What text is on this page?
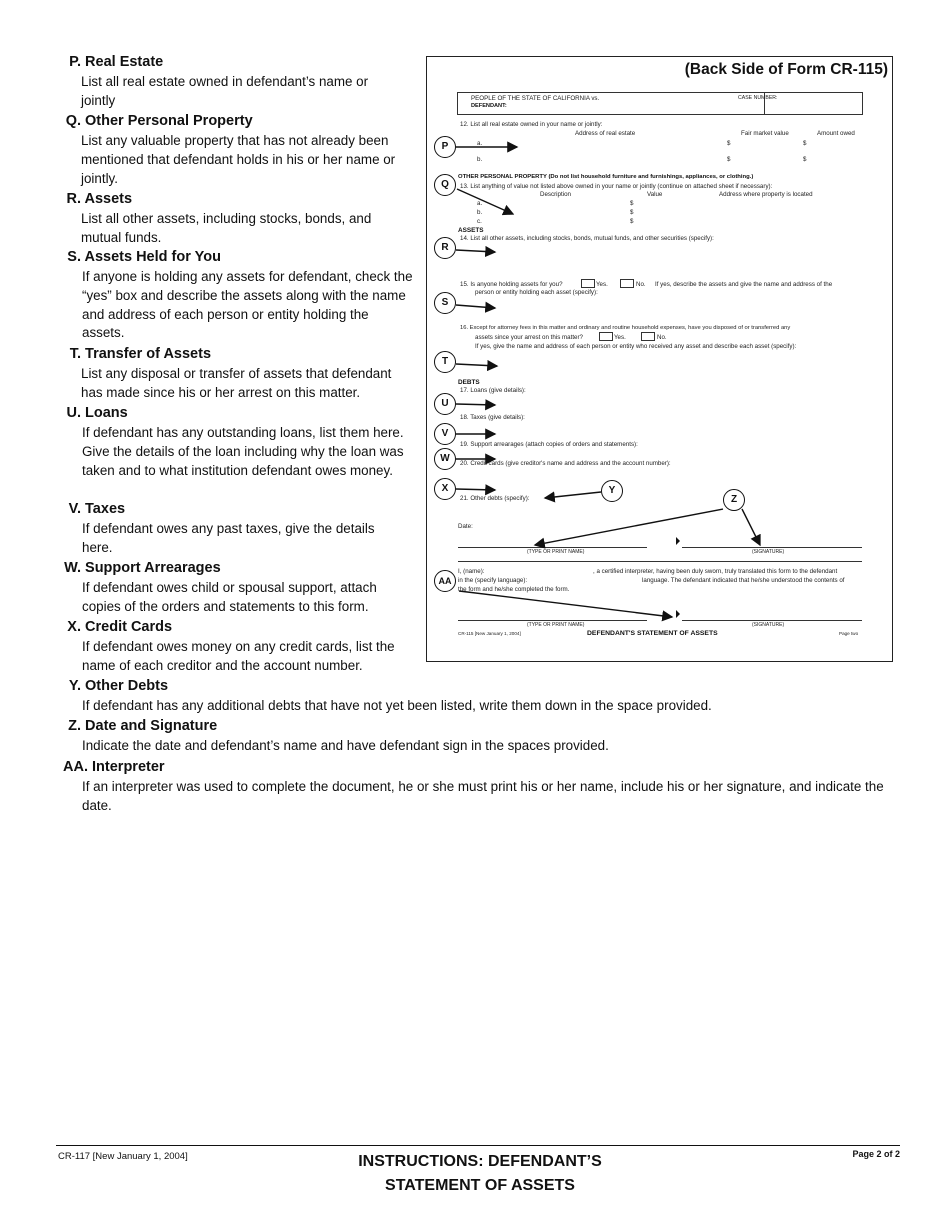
P. Real Estate
List all real estate owned in defendant’s name or jointly
Q. Other Personal Property
List any valuable property that has not already been mentioned that defendant holds in his or her name or jointly.
R. Assets
List all other assets, including stocks, bonds, and mutual funds.
S. Assets Held for You
If anyone is holding any assets for defendant, check the “yes” box and describe the assets along with the name and address of each person or entity holding the assets.
T. Transfer of Assets
List any disposal or transfer of assets that defendant has made since his or her arrest on this matter.
U. Loans
If defendant has any outstanding loans, list them here. Give the details of the loan including why the loan was taken and to what institution defendant owes money.
V. Taxes
If defendant owes any past taxes, give the details here.
W. Support Arrearages
If defendant owes child or spousal support, attach copies of the orders and statements to this form.
X. Credit Cards
If defendant owes money on any credit cards, list the name of each creditor and the account number.
Y. Other Debts
If defendant has any additional debts that have not yet been listed, write them down in the space provided.
Z. Date and Signature
Indicate the date and defendant’s name and have defendant sign in the spaces provided.
AA. Interpreter
If an interpreter was used to complete the document, he or she must print his or her name, include his or her signature, and indicate the date.
(Back Side of Form CR-115)
PEOPLE OF THE STATE OF CALIFORNIA vs.
DEFENDANT:
CASE NUMBER:
12. List all real estate owned in your name or jointly:
Address of real estate	Fair market value	Amount owed
a.	$	$
b.	$	$
OTHER PERSONAL PROPERTY (Do not list household furniture and furnishings, appliances, or clothing.)
13. List anything of value not listed above owned in your name or jointly (continue on attached sheet if necessary):
Description	Value	Address where property is located
a.	$
b.	$
c.	$
ASSETS
14. List all other assets, including stocks, bonds, mutual funds, and other securities (specify):
15. Is anyone holding assets for you?	Yes.	No. If yes, describe the assets and give the name and address of the
person or entity holding each asset (specify):
16. Except for attorney fees in this matter and ordinary and routine household expenses, have you disposed of or transferred any
assets since your arrest on this matter?	Yes.	No.
If yes, give the name and address of each person or entity who received any asset and describe each asset (specify):
DEBTS
17. Loans (give details):
18. Taxes (give details):
19. Support arrearages (attach copies of orders and statements):
20. Credit cards (give creditor's name and address and the account number):
21. Other debts (specify):
Date:
(TYPE OR PRINT NAME)	(SIGNATURE)
I, (name):	, a certified interpreter, having been duly sworn, truly translated this form to the defendant
in the (specify language):	language. The defendant indicated that he/she understood the contents of
the form and he/she completed the form.
(TYPE OR PRINT NAME)	(SIGNATURE)
CR-115 [New January 1, 2004]	DEFENDANT'S STATEMENT OF ASSETS	Page two
P
Q
R
S
T
U
V
W
X	Y
Z
AA
CR-117 [New January 1, 2004]	INSTRUCTIONS: DEFENDANT’S
STATEMENT OF ASSETS
Page 2 of 2
